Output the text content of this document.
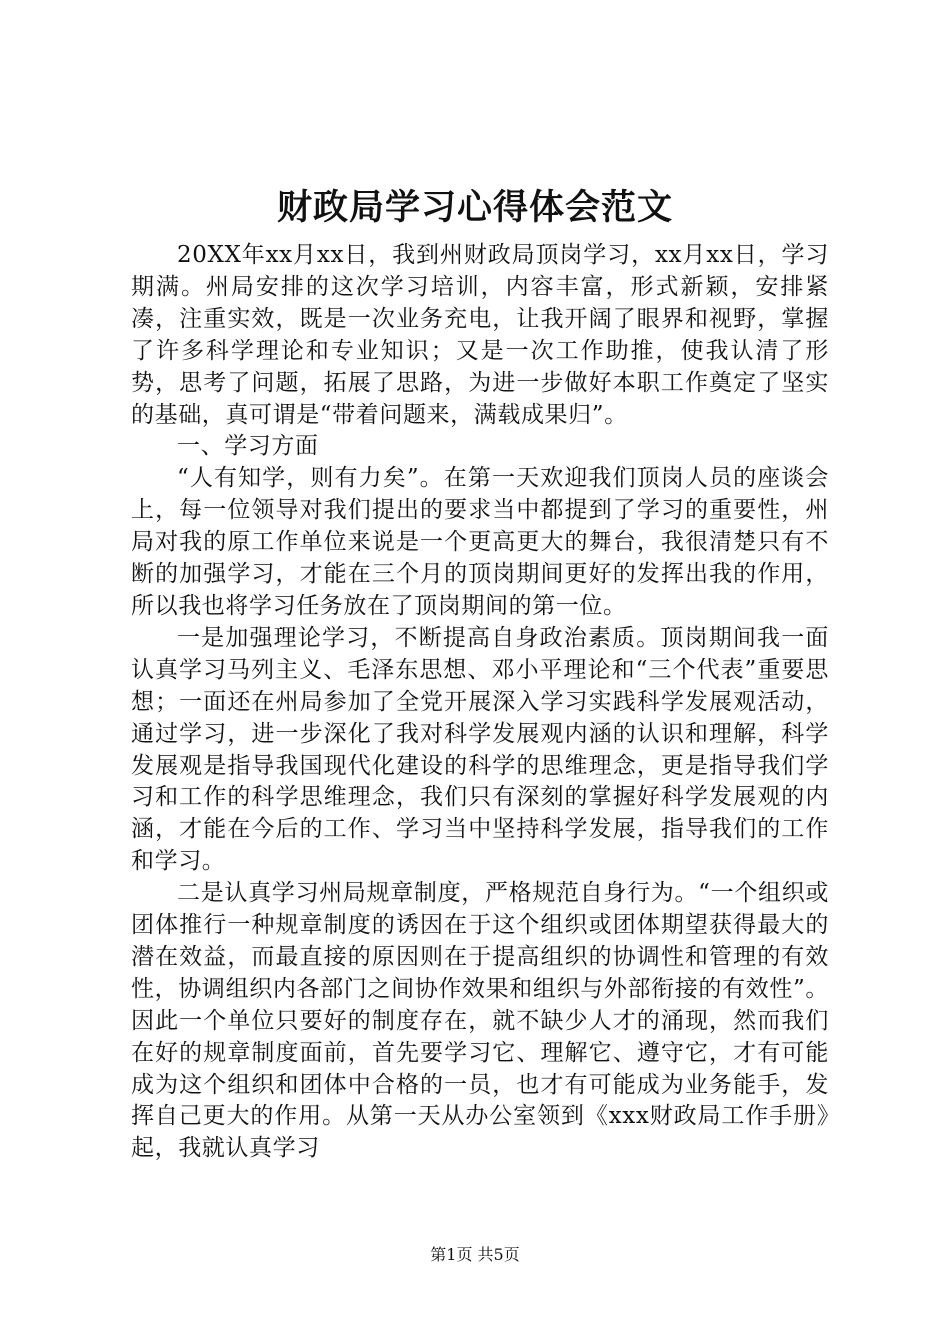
财政局学习心得体会范文

20XX年xx月xx日，我到州财政局顶岗学习，xx月xx日，学习期满。州局安排的这次学习培训，内容丰富，形式新颖，安排紧凑，注重实效，既是一次业务充电，让我开阔了眼界和视野，掌握了许多科学理论和专业知识；又是一次工作助推，使我认清了形势，思考了问题，拓展了思路，为进一步做好本职工作奠定了坚实的基础，真可谓是“带着问题来，满载成果归”。

一、学习方面

“人有知学，则有力矣”。在第一天欢迎我们顶岗人员的座谈会上，每一位领导对我们提出的要求当中都提到了学习的重要性，州局对我的原工作单位来说是一个更高更大的舞台，我很清楚只有不断的加强学习，才能在三个月的顶岗期间更好的发挥出我的作用，所以我也将学习任务放在了顶岗期间的第一位。

一是加强理论学习，不断提高自身政治素质。顶岗期间我一面认真学习马列主义、毛泽东思想、邓小平理论和“三个代表”重要思想；一面还在州局参加了全党开展深入学习实践科学发展观活动，通过学习，进一步深化了我对科学发展观内涵的认识和理解，科学发展观是指导我国现代化建设的科学的思维理念，更是指导我们学习和工作的科学思维理念，我们只有深刻的掌握好科学发展观的内涵，才能在今后的工作、学习当中坚持科学发展，指导我们的工作和学习。

二是认真学习州局规章制度，严格规范自身行为。“一个组织或团体推行一种规章制度的诱因在于这个组织或团体期望获得最大的潜在效益，而最直接的原因则在于提高组织的协调性和管理的有效性，协调组织内各部门之间协作效果和组织与外部衔接的有效性”。因此一个单位只要好的制度存在，就不缺少人才的涌现，然而我们在好的规章制度面前，首先要学习它、理解它、遵守它，才有可能成为这个组织和团体中合格的一员，也才有可能成为业务能手，发挥自己更大的作用。从第一天从办公室领到《xxx财政局工作手册》起，我就认真学习

第1页 共5页
